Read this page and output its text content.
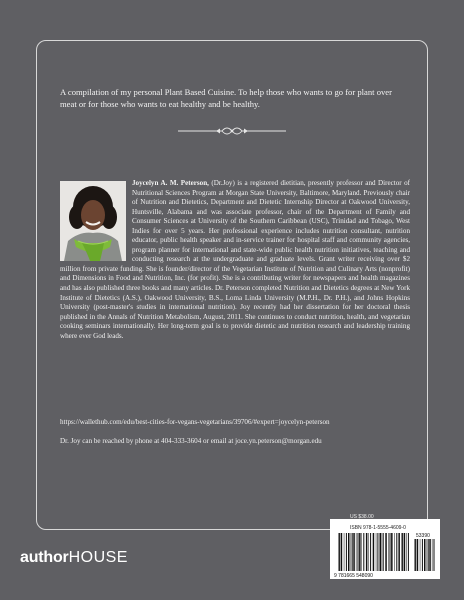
A compilation of my personal Plant Based Cuisine. To help those who wants to go for plant over meat or for those who wants to eat healthy and be healthy.

Joycelyn A. M. Peterson, (Dr.Joy) is a registered dietitian, presently professor and Director of Nutritional Sciences Program at Morgan State University, Baltimore, Maryland. Previously chair of Nutrition and Dietetics, Department and Dietetic Internship Director at Oakwood University, Huntsville, Alabama and was associate professor, chair of the Department of Family and Consumer Sciences at University of the Southern Caribbean (USC), Trinidad and Tobago, West Indies for over 5 years. Her professional experience includes nutrition consultant, nutrition educator, public health speaker and in-service trainer for hospital staff and community agencies, program planner for international and state-wide public health nutrition initiatives, teaching and conducting research at the undergraduate and graduate levels. Grant writer receiving over $2 million from private funding. She is founder/director of the Vegetarian Institute of Nutrition and Culinary Arts (nonprofit) and Dimensions in Food and Nutrition, Inc. (for profit). She is a contributing writer for newspapers and health magazines and has also published three books and many articles. Dr. Peterson completed Nutrition and Dietetics degrees at New York Institute of Dietetics (A.S.), Oakwood University, B.S., Loma Linda University (M.P.H., Dr. P.H.), and Johns Hopkins University (post-master's studies in international nutrition). Joy recently had her dissertation for her doctoral thesis published in the Annals of Nutrition Metabolism, August, 2011. She continues to conduct nutrition, health, and vegetarian cooking seminars internationally. Her long-term goal is to provide dietetic and nutrition research and leadership training where ever God leads.
https://wallethub.com/edu/best-cities-for-vegans-vegetarians/39706/#expert=joycelyn-peterson
Dr. Joy can be reached by phone at 404-333-3604 or email at joce.yn.peterson@morgan.edu
authorHOUSE
9 781665 548090
53390
ISBN 978-1-5555-4609-0
US $38.00
